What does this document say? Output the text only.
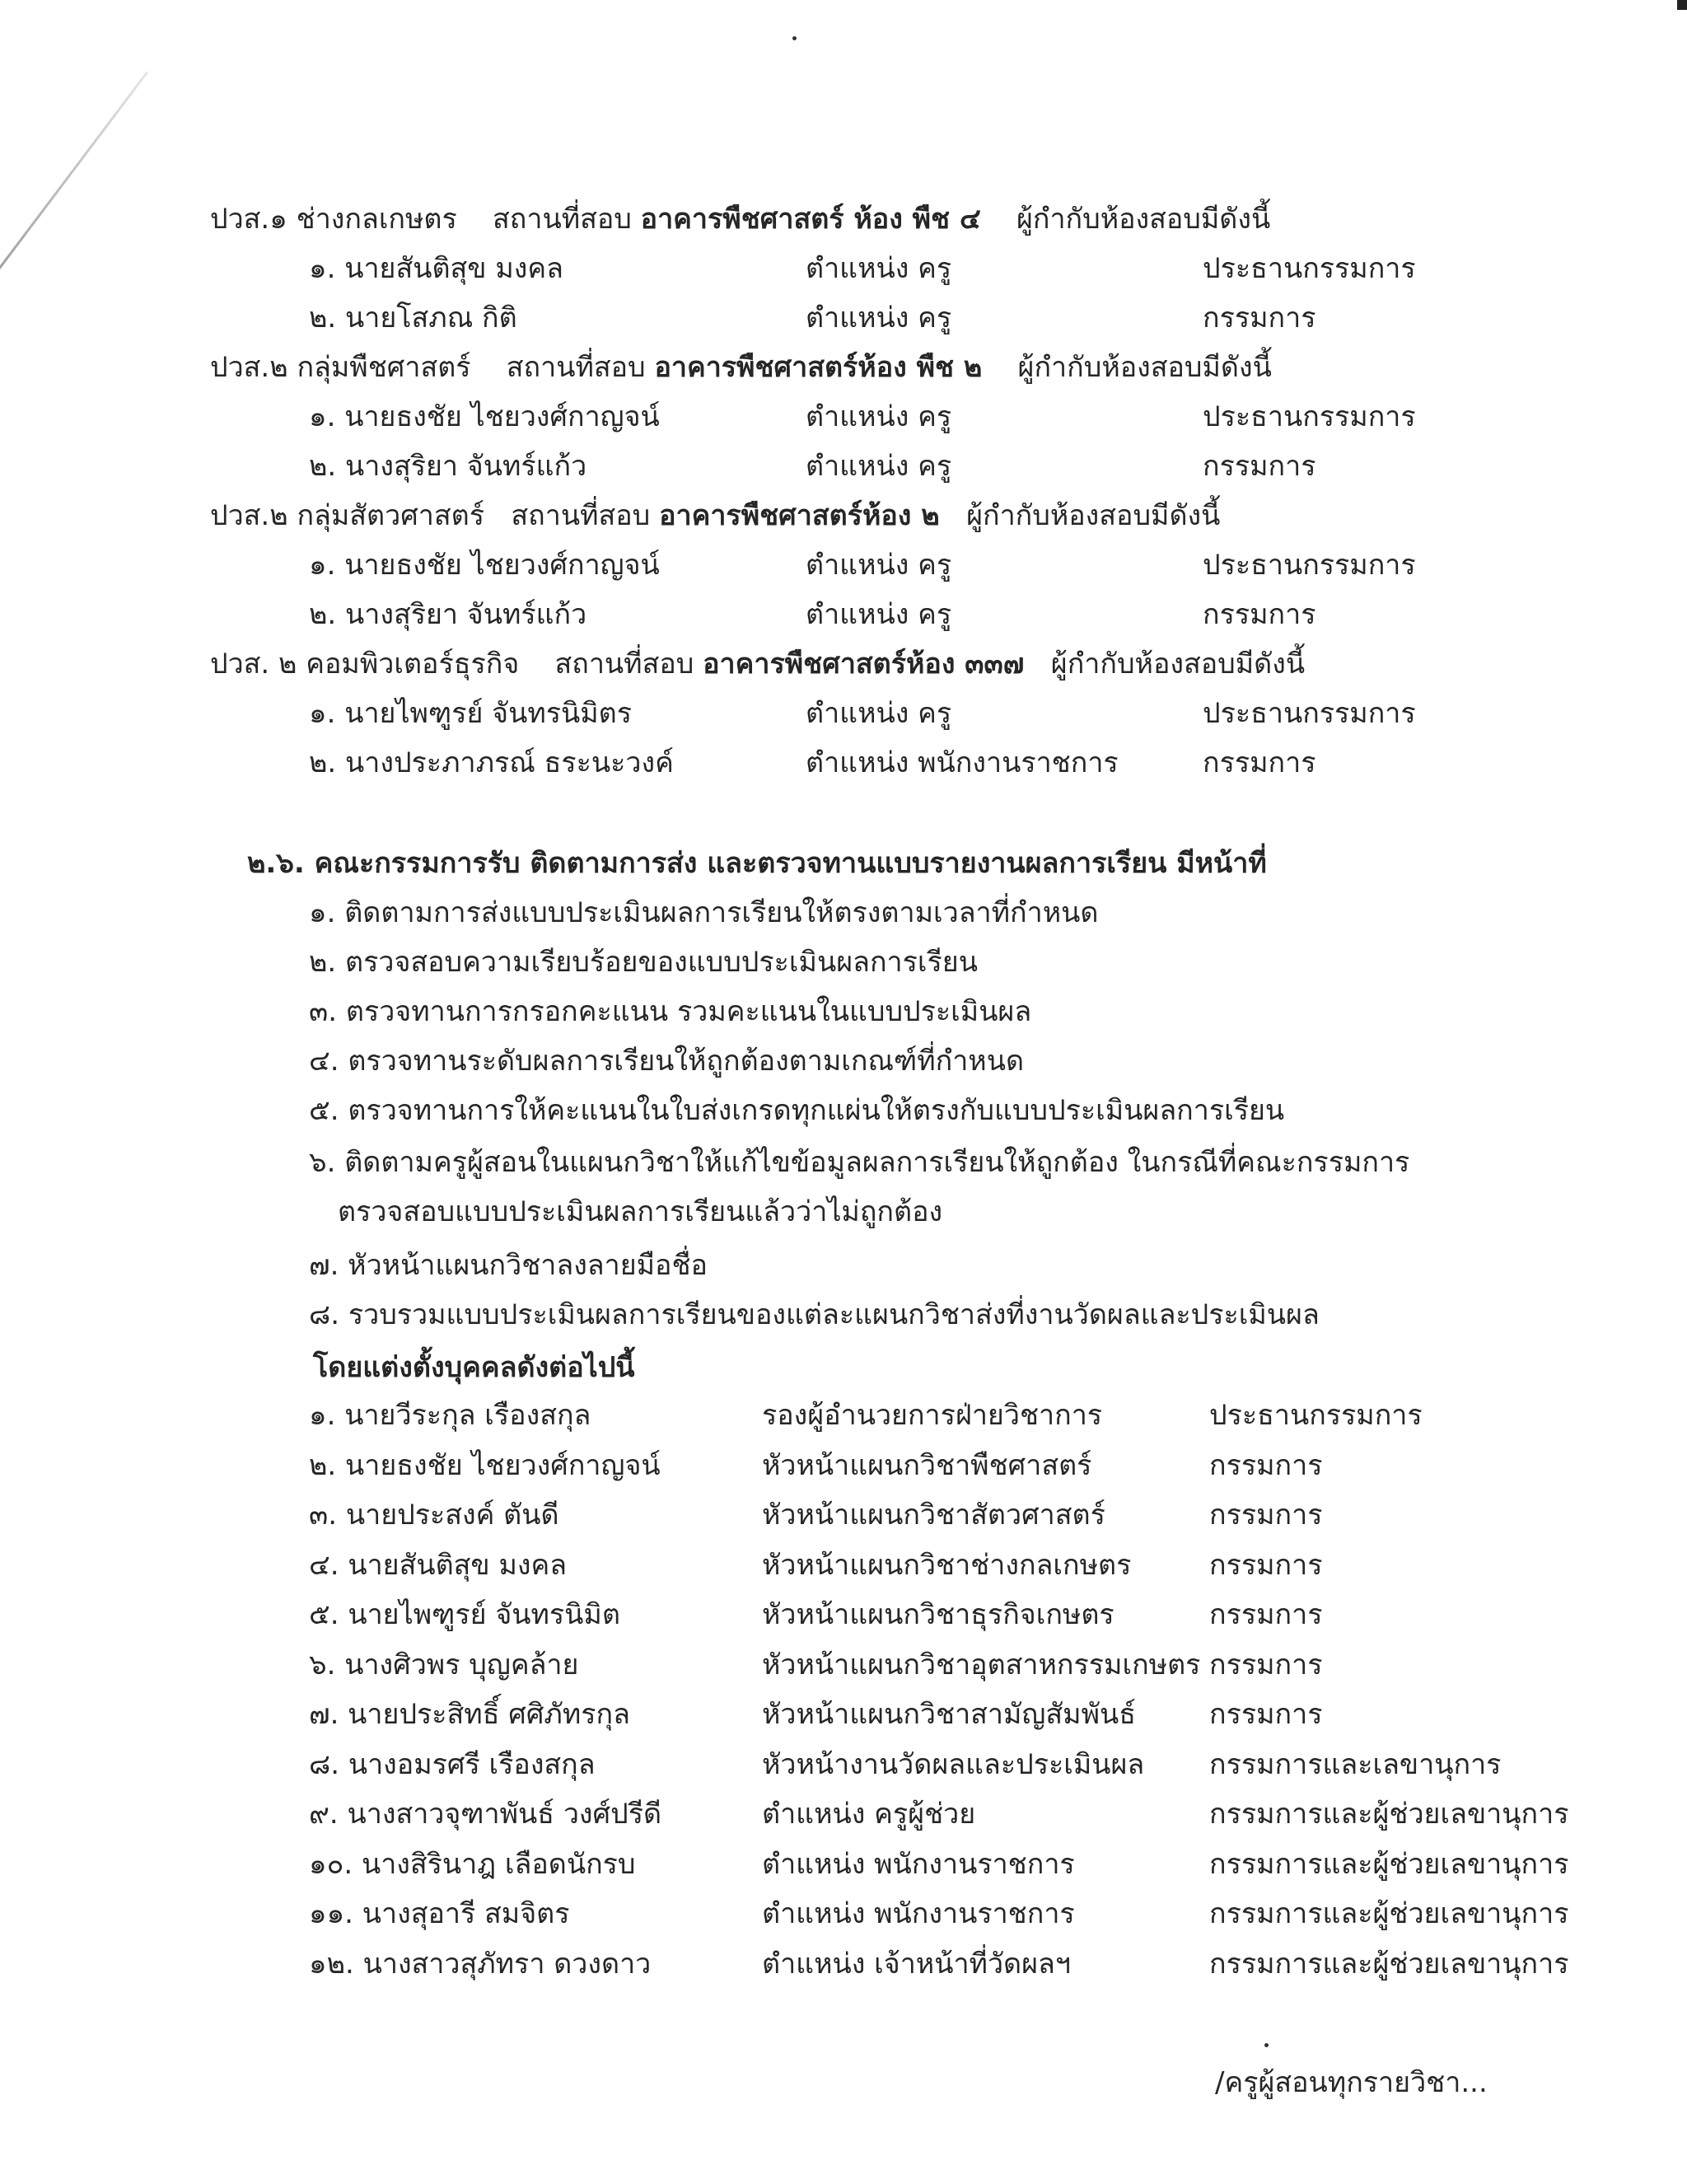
ปวส.๑ ช่างกลเกษตร สถานที่สอบ อาคารพืชศาสตร์ ห้อง พืช ๔ ผู้กำกับห้องสอบมีดังนี้
๑. นายสันติสุข มงคล	ตำแหน่ง ครู	ประธานกรรมการ
๒. นายโสภณ กิติ	ตำแหน่ง ครู	กรรมการ
ปวส.๒ กลุ่มพืชศาสตร์ สถานที่สอบ อาคารพืชศาสตร์ห้อง พืช ๒ ผู้กำกับห้องสอบมีดังนี้
๑. นายธงชัย ไชยวงศ์กาญจน์	ตำแหน่ง ครู	ประธานกรรมการ
๒. นางสุริยา จันทร์แก้ว	ตำแหน่ง ครู	กรรมการ
ปวส.๒ กลุ่มสัตวศาสตร์ สถานที่สอบ อาคารพืชศาสตร์ห้อง ๒ ผู้กำกับห้องสอบมีดังนี้
๑. นายธงชัย ไชยวงศ์กาญจน์	ตำแหน่ง ครู	ประธานกรรมการ
๒. นางสุริยา จันทร์แก้ว	ตำแหน่ง ครู	กรรมการ
ปวส. ๒ คอมพิวเตอร์ธุรกิจ สถานที่สอบ อาคารพืชศาสตร์ห้อง ๓๓๗ ผู้กำกับห้องสอบมีดังนี้
๑. นายไพฑูรย์ จันทรนิมิตร	ตำแหน่ง ครู	ประธานกรรมการ
๒. นางประภาภรณ์ ธระนะวงค์	ตำแหน่ง พนักงานราชการ	กรรมการ
๒.๖. คณะกรรมการรับ ติดตามการส่ง และตรวจทานแบบรายงานผลการเรียน มีหน้าที่
๑. ติดตามการส่งแบบประเมินผลการเรียนให้ตรงตามเวลาที่กำหนด
๒. ตรวจสอบความเรียบร้อยของแบบประเมินผลการเรียน
๓. ตรวจทานการกรอกคะแนน รวมคะแนนในแบบประเมินผล
๔. ตรวจทานระดับผลการเรียนให้ถูกต้องตามเกณฑ์ที่กำหนด
๕. ตรวจทานการให้คะแนนในใบส่งเกรดทุกแผ่นให้ตรงกับแบบประเมินผลการเรียน
๖. ติดตามครูผู้สอนในแผนกวิชาให้แก้ไขข้อมูลผลการเรียนให้ถูกต้อง ในกรณีที่คณะกรรมการ
ตรวจสอบแบบประเมินผลการเรียนแล้วว่าไม่ถูกต้อง
๗. หัวหน้าแผนกวิชาลงลายมือชื่อ
๘. รวบรวมแบบประเมินผลการเรียนของแต่ละแผนกวิชาส่งที่งานวัดผลและประเมินผล
โดยแต่งตั้งบุคคลดังต่อไปนี้
๑. นายวีระกุล เรืองสกุล	รองผู้อำนวยการฝ่ายวิชาการ	ประธานกรรมการ
๒. นายธงชัย ไชยวงศ์กาญจน์	หัวหน้าแผนกวิชาพืชศาสตร์	กรรมการ
๓. นายประสงค์ ตันดี	หัวหน้าแผนกวิชาสัตวศาสตร์	กรรมการ
๔. นายสันติสุข มงคล	หัวหน้าแผนกวิชาช่างกลเกษตร	กรรมการ
๕. นายไพฑูรย์ จันทรนิมิต	หัวหน้าแผนกวิชาธุรกิจเกษตร	กรรมการ
๖. นางศิวพร บุญคล้าย	หัวหน้าแผนกวิชาอุตสาหกรรมเกษตร กรรมการ
๗. นายประสิทธิ์ ศศิภัทรกุล	หัวหน้าแผนกวิชาสามัญสัมพันธ์	กรรมการ
๘. นางอมรศรี เรืองสกุล	หัวหน้างานวัดผลและประเมินผล กรรมการและเลขานุการ
๙. นางสาวจุฑาพันธ์ วงศ์ปรีดี	ตำแหน่ง ครูผู้ช่วย	กรรมการและผู้ช่วยเลขานุการ
๑๐. นางสิรินาฎ เลือดนักรบ	ตำแหน่ง พนักงานราชการ	กรรมการและผู้ช่วยเลขานุการ
๑๑. นางสุอารี สมจิตร	ตำแหน่ง พนักงานราชการ	กรรมการและผู้ช่วยเลขานุการ
๑๒. นางสาวสุภัทรา ดวงดาว	ตำแหน่ง เจ้าหน้าที่วัดผลฯ	กรรมการและผู้ช่วยเลขานุการ
/ครูผู้สอนทุกรายวิชา...
